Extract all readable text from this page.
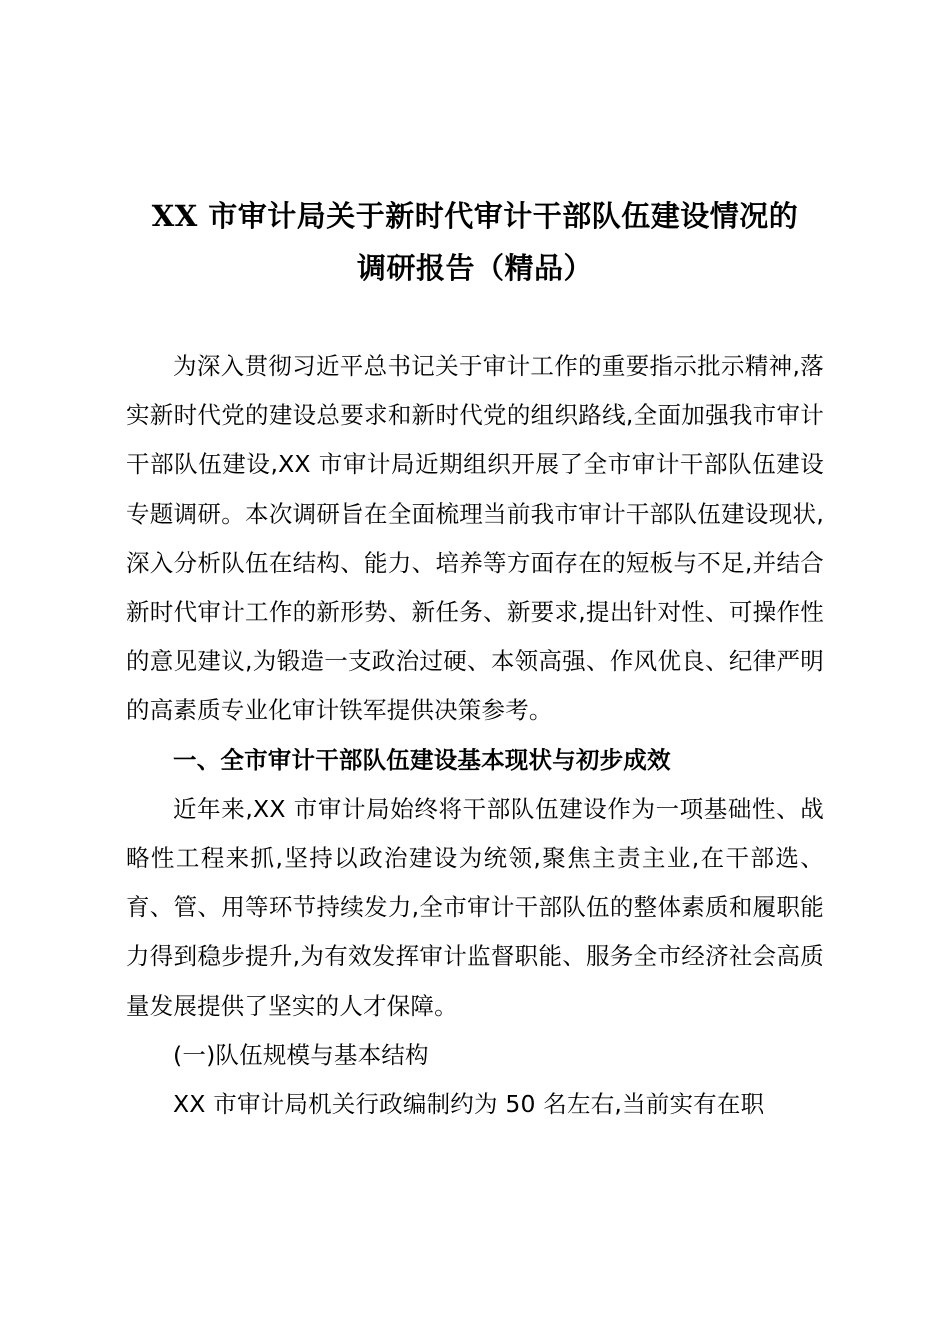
XX 市审计局关于新时代审计干部队伍建设情况的
调研报告（精品）

为深入贯彻习近平总书记关于审计工作的重要指示批示精神,落实新时代党的建设总要求和新时代党的组织路线,全面加强我市审计干部队伍建设,XX 市审计局近期组织开展了全市审计干部队伍建设专题调研。本次调研旨在全面梳理当前我市审计干部队伍建设现状,深入分析队伍在结构、能力、培养等方面存在的短板与不足,并结合新时代审计工作的新形势、新任务、新要求,提出针对性、可操作性的意见建议,为锻造一支政治过硬、本领高强、作风优良、纪律严明的高素质专业化审计铁军提供决策参考。

一、全市审计干部队伍建设基本现状与初步成效

近年来,XX 市审计局始终将干部队伍建设作为一项基础性、战略性工程来抓,坚持以政治建设为统领,聚焦主责主业,在干部选、育、管、用等环节持续发力,全市审计干部队伍的整体素质和履职能力得到稳步提升,为有效发挥审计监督职能、服务全市经济社会高质量发展提供了坚实的人才保障。

(一)队伍规模与基本结构

XX 市审计局机关行政编制约为 50 名左右,当前实有在职
